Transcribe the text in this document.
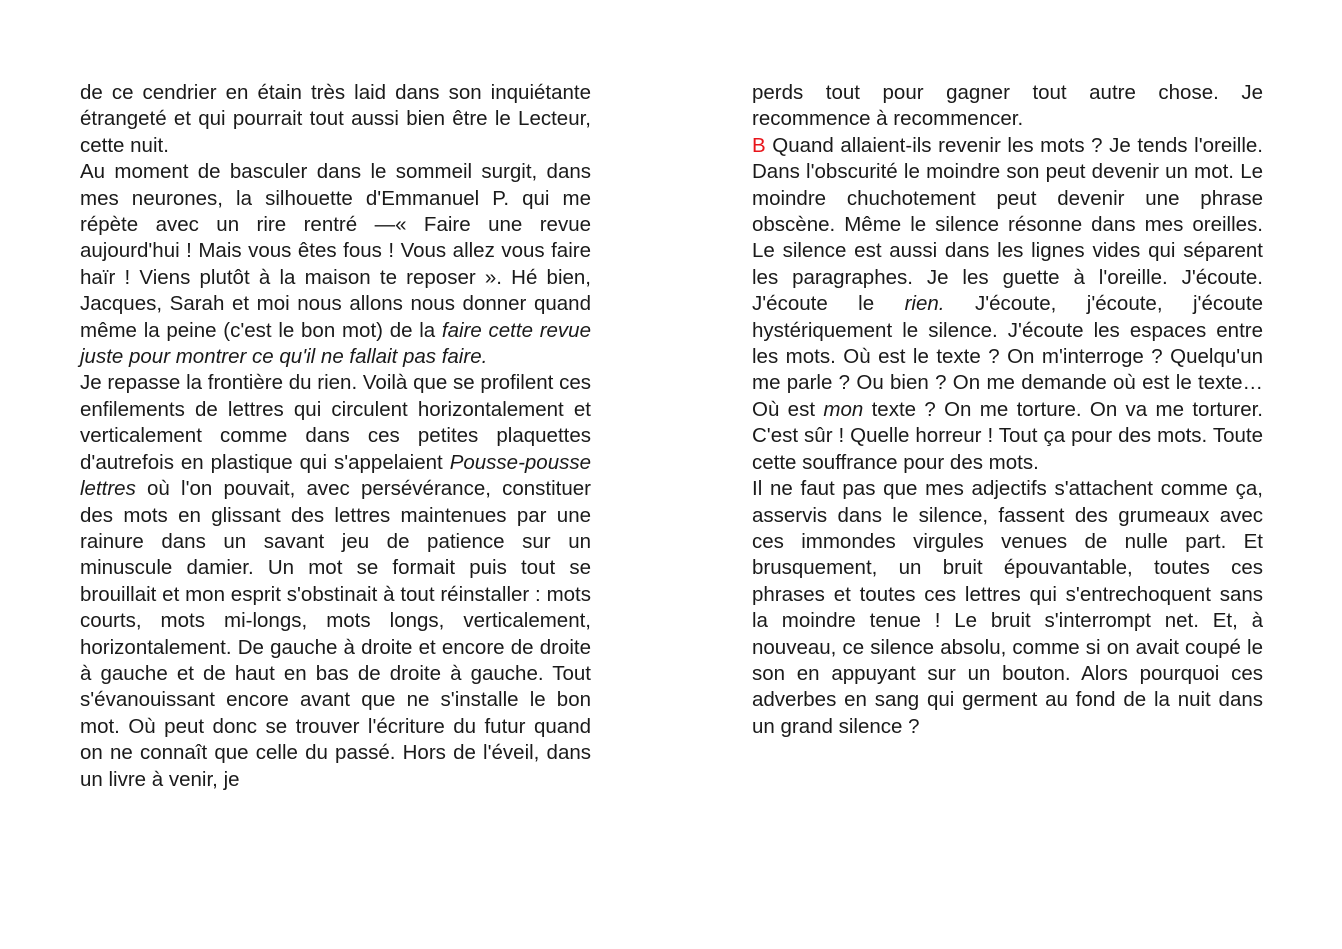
de ce cendrier en étain très laid dans son inquiétante étrangeté et qui pourrait tout aussi bien être le Lecteur, cette nuit.

Au moment de basculer dans le sommeil surgit, dans mes neurones, la silhouette d'Emmanuel P. qui me répète avec un rire rentré —« Faire une revue aujourd'hui ! Mais vous êtes fous ! Vous allez vous faire haïr ! Viens plutôt à la maison te reposer ». Hé bien, Jacques, Sarah et moi nous allons nous donner quand même la peine (c'est le bon mot) de la faire cette revue juste pour montrer ce qu'il ne fallait pas faire.

Je repasse la frontière du rien. Voilà que se profilent ces enfilements de lettres qui circulent horizontalement et verticalement comme dans ces petites plaquettes d'autrefois en plastique qui s'appelaient Pousse-pousse lettres où l'on pouvait, avec persévérance, constituer des mots en glissant des lettres maintenues par une rainure dans un savant jeu de patience sur un minuscule damier. Un mot se formait puis tout se brouillait et mon esprit s'obstinait à tout réinstaller : mots courts, mots mi-longs, mots longs, verticalement, horizontalement. De gauche à droite et encore de droite à gauche et de haut en bas de droite à gauche. Tout s'évanouissant encore avant que ne s'installe le bon mot. Où peut donc se trouver l'écriture du futur quand on ne connaît que celle du passé. Hors de l'éveil, dans un livre à venir, je

perds tout pour gagner tout autre chose. Je recommence à recommencer.

B Quand allaient-ils revenir les mots ? Je tends l'oreille. Dans l'obscurité le moindre son peut devenir un mot. Le moindre chuchotement peut devenir une phrase obscène. Même le silence résonne dans mes oreilles. Le silence est aussi dans les lignes vides qui séparent les paragraphes. Je les guette à l'oreille. J'écoute. J'écoute le rien. J'écoute, j'écoute, j'écoute hystériquement le silence. J'écoute les espaces entre les mots. Où est le texte ? On m'interroge ? Quelqu'un me parle ? Ou bien ? On me demande où est le texte…Où est mon texte ? On me torture. On va me torturer. C'est sûr ! Quelle horreur ! Tout ça pour des mots. Toute cette souffrance pour des mots.

Il ne faut pas que mes adjectifs s'attachent comme ça, asservis dans le silence, fassent des grumeaux avec ces immondes virgules venues de nulle part. Et brusquement, un bruit épouvantable, toutes ces phrases et toutes ces lettres qui s'entrechoquent sans la moindre tenue ! Le bruit s'interrompt net. Et, à nouveau, ce silence absolu, comme si on avait coupé le son en appuyant sur un bouton. Alors pourquoi ces adverbes en sang qui germent au fond de la nuit dans un grand silence ?
